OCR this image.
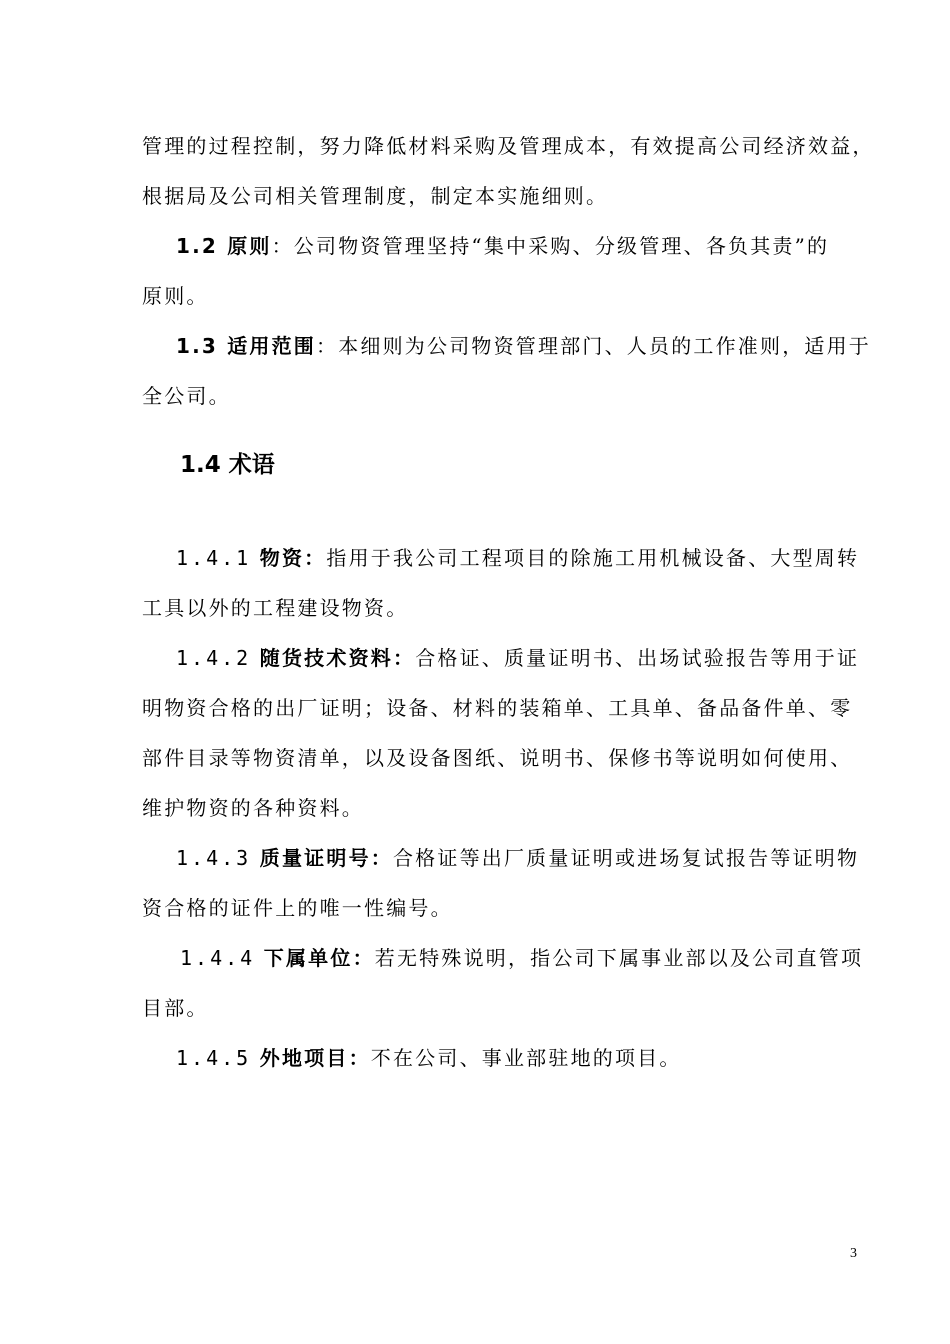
管理的过程控制，努力降低材料采购及管理成本，有效提高公司经济效益，
根据局及公司相关管理制度，制定本实施细则。
1.2 原则：公司物资管理坚持“集中采购、分级管理、各负其责”的
原则。
1.3 适用范围：本细则为公司物资管理部门、人员的工作准则，适用于
全公司。
1.4 术语
1.4.1 物资：指用于我公司工程项目的除施工用机械设备、大型周转
工具以外的工程建设物资。
1.4.2 随货技术资料：合格证、质量证明书、出场试验报告等用于证
明物资合格的出厂证明；设备、材料的装箱单、工具单、备品备件单、零
部件目录等物资清单，以及设备图纸、说明书、保修书等说明如何使用、
维护物资的各种资料。
1.4.3 质量证明号：合格证等出厂质量证明或进场复试报告等证明物
资合格的证件上的唯一性编号。
1.4.4 下属单位：若无特殊说明，指公司下属事业部以及公司直管项
目部。
1.4.5 外地项目：不在公司、事业部驻地的项目。
3
